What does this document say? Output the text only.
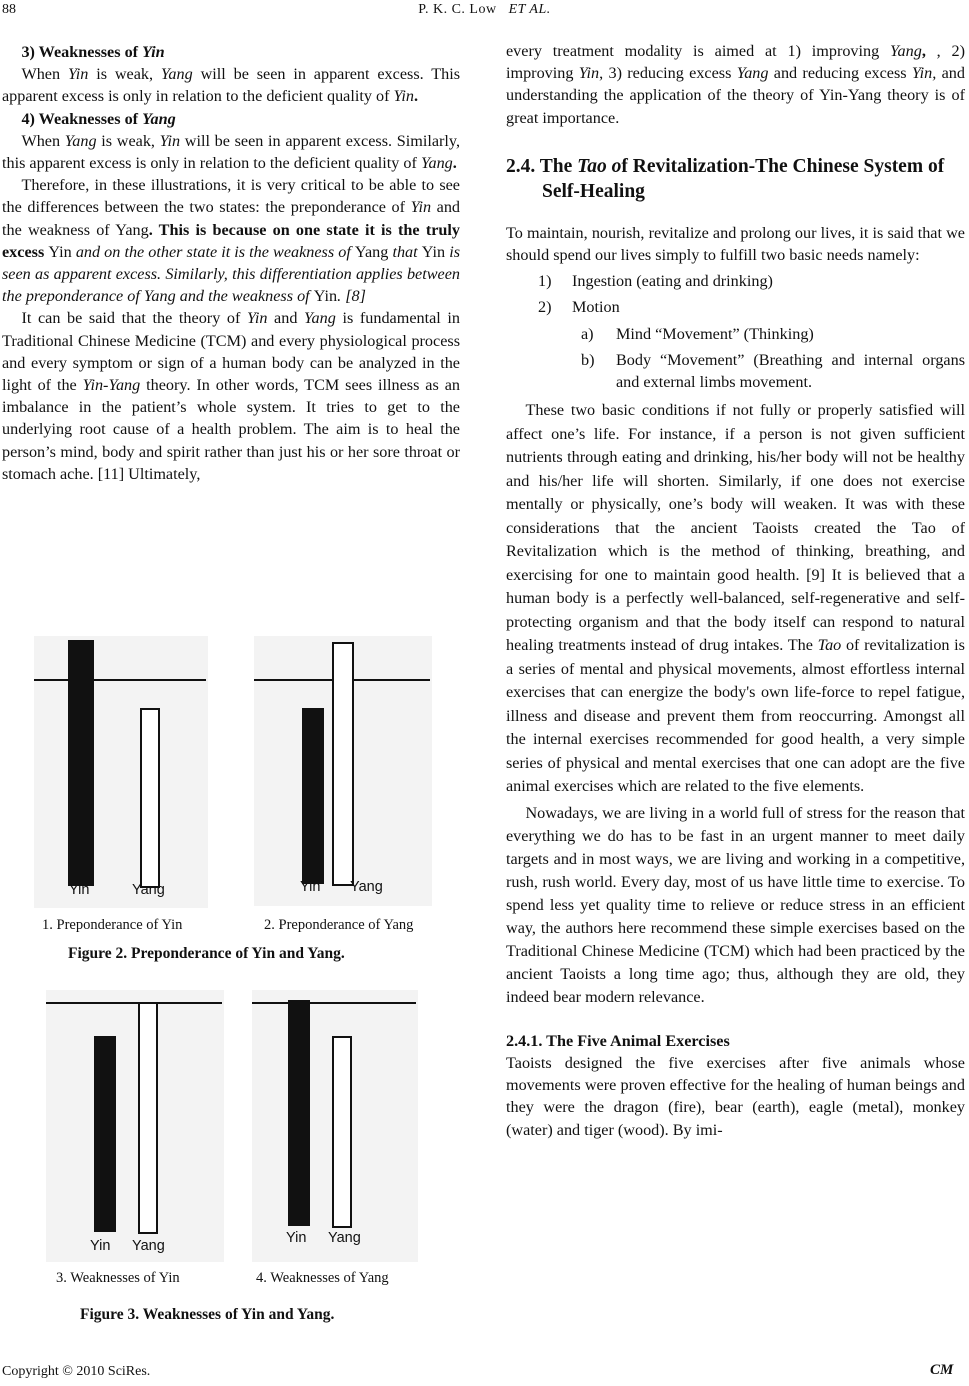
88	P. K. C. Low ET AL.
3) Weaknesses of Yin

When Yin is weak, Yang will be seen in apparent excess. This apparent excess is only in relation to the deficient quality of Yin.

4) Weaknesses of Yang

When Yang is weak, Yin will be seen in apparent excess. Similarly, this apparent excess is only in relation to the deficient quality of Yang.

Therefore, in these illustrations, it is very critical to be able to see the differences between the two states: the preponderance of Yin and the weakness of Yang. This is because on one state it is the truly excess Yin and on the other state it is the weakness of Yang that Yin is seen as apparent excess. Similarly, this differentiation applies between the preponderance of Yang and the weakness of Yin. [8]

It can be said that the theory of Yin and Yang is fundamental in Traditional Chinese Medicine (TCM) and every physiological process and every symptom or sign of a human body can be analyzed in the light of the Yin-Yang theory. In other words, TCM sees illness as an imbalance in the patient’s whole system. It tries to get to the underlying root cause of a health problem. The aim is to heal the person’s mind, body and spirit rather than just his or her sore throat or stomach ache. [11] Ultimately,

Yin	Yang	Yin Yang
1. Preponderance of Yin	2. Preponderance of Yang
Figure 2. Preponderance of Yin and Yang.
Yin Yang	Yin Yang
3. Weaknesses of Yin	4. Weaknesses of Yang
Figure 3. Weaknesses of Yin and Yang.

every treatment modality is aimed at 1) improving Yang, , 2) improving Yin, 3) reducing excess Yang and reducing excess Yin, and understanding the application of the theory of Yin-Yang theory is of great importance.

2.4. The Tao of Revitalization-The Chinese System of Self-Healing

To maintain, nourish, revitalize and prolong our lives, it is said that we should spend our lives simply to fulfill two basic needs namely:

1) Ingestion (eating and drinking)
2) Motion
a) Mind “Movement” (Thinking)
b) Body “Movement” (Breathing and internal organs and external limbs movement.

These two basic conditions if not fully or properly satisfied will affect one’s life. For instance, if a person is not given sufficient nutrients through eating and drinking, his/her body will not be healthy and his/her life will shorten. Similarly, if one does not exercise mentally or physically, one’s body will weaken. It was with these considerations that the ancient Taoists created the Tao of Revitalization which is the method of thinking, breathing, and exercising for one to maintain good health. [9] It is believed that a human body is a perfectly well-balanced, self-regenerative and self-protecting organism and that the body itself can respond to natural healing treatments instead of drug intakes. The Tao of revitalization is a series of mental and physical movements, almost effortless internal exercises that can energize the body's own life-force to repel fatigue, illness and disease and prevent them from reoccurring. Amongst all the internal exercises recommended for good health, a very simple series of physical and mental exercises that one can adopt are the five animal exercises which are related to the five elements.

Nowadays, we are living in a world full of stress for the reason that everything we do has to be fast in an urgent manner to meet daily targets and in most ways, we are living and working in a competitive, rush, rush world. Every day, most of us have little time to exercise. To spend less yet quality time to relieve or reduce stress in an efficient way, the authors here recommend these simple exercises based on the Traditional Chinese Medicine (TCM) which had been practiced by the ancient Taoists a long time ago; thus, although they are old, they indeed bear modern relevance.

2.4.1. The Five Animal Exercises

Taoists designed the five exercises after five animals whose movements were proven effective for the healing of human beings and they were the dragon (fire), bear (earth), eagle (metal), monkey (water) and tiger (wood). By imi-

Copyright © 2010 SciRes.	CM
